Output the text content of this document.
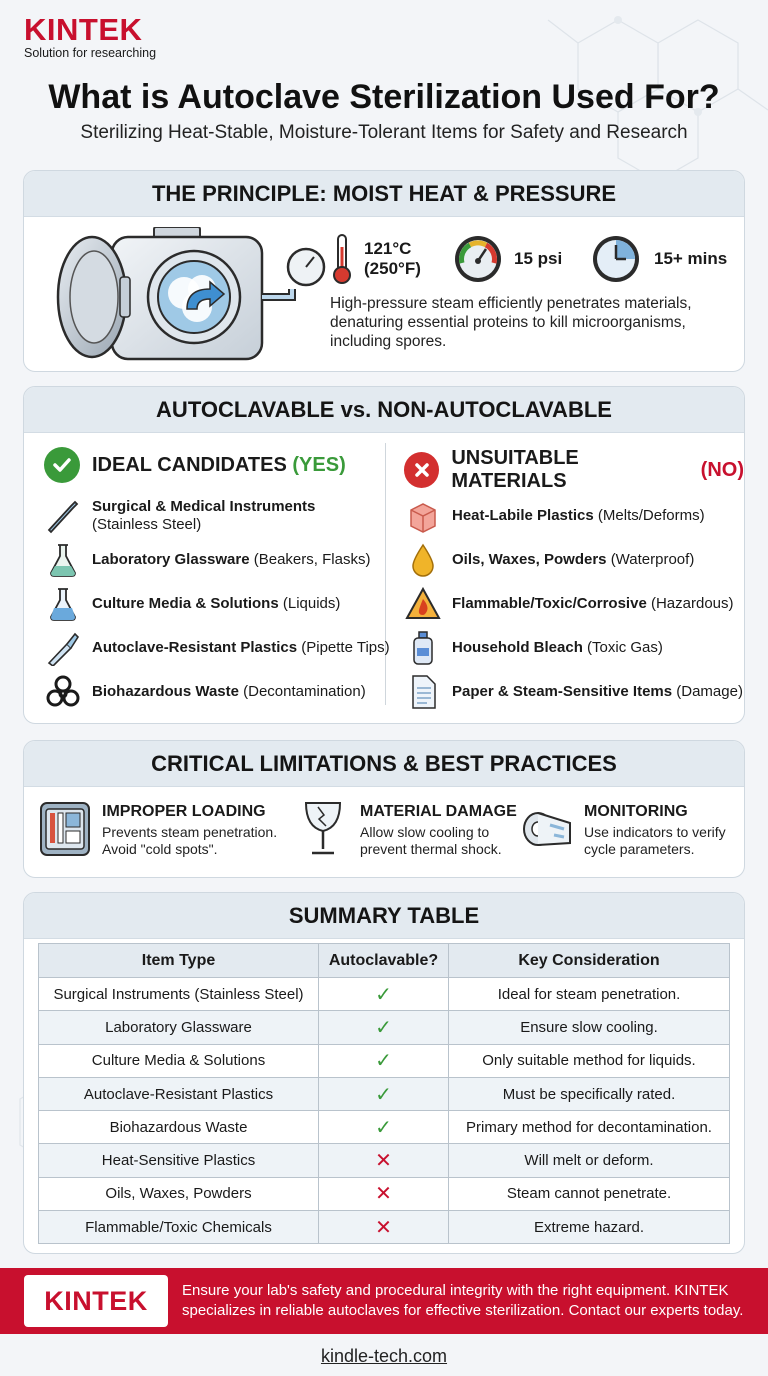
KINTEK
Solution for researching
What is Autoclave Sterilization Used For?
Sterilizing Heat-Stable, Moisture-Tolerant Items for Safety and Research
THE PRINCIPLE: MOIST HEAT & PRESSURE
121°C
(250°F)
15 psi	15+ mins
High-pressure steam efficiently penetrates materials, denaturing essential proteins to kill microorganisms, including spores.
AUTOCLAVABLE vs. NON-AUTOCLAVABLE
IDEAL CANDIDATES
(YES)	UNSUITABLE MATERIALS

(NO)
Surgical & Medical Instruments
(Stainless Steel)
Laboratory Glassware (Beakers, Flasks)
Culture Media & Solutions (Liquids)
Autoclave-Resistant Plastics (Pipette Tips)
Biohazardous Waste (Decontamination)
Heat-Labile Plastics (Melts/Deforms)
Oils, Waxes, Powders (Waterproof)
Flammable/Toxic/Corrosive (Hazardous)
Household Bleach (Toxic Gas)
Paper & Steam-Sensitive Items (Damage)
CRITICAL LIMITATIONS & BEST PRACTICES
IMPROPER LOADING
Prevents steam penetration.
Avoid "cold spots".
MATERIAL DAMAGE
Allow slow cooling to
prevent thermal shock.
MONITORING
Use indicators to verify
cycle parameters.
SUMMARY TABLE
Item Type	Autoclavable?	Key Consideration
Surgical Instruments (Stainless Steel)	✓	Ideal for steam penetration.
Laboratory Glassware	✓	Ensure slow cooling.
Culture Media & Solutions	✓	Only suitable method for liquids.
Autoclave-Resistant Plastics	✓	Must be specifically rated.
Biohazardous Waste	✓	Primary method for decontamination.
Heat-Sensitive Plastics	✕	Will melt or deform.
Oils, Waxes, Powders	✕	Steam cannot penetrate.
Flammable/Toxic Chemicals	✕	Extreme hazard.
KINTEK	Ensure your lab's safety and procedural integrity with the right equipment. KINTEK specializes in reliable autoclaves for effective sterilization. Contact our experts today.
kindle-tech.com
